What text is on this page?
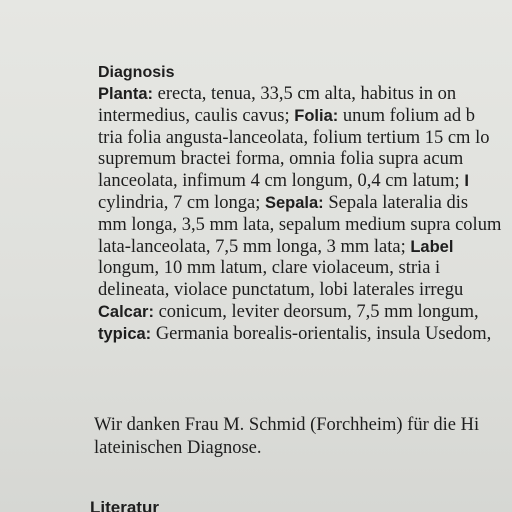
Diagnosis
Planta: erecta, tenua, 33,5 cm alta, habitus in on
intermedius, caulis cavus; Folia: unum folium ad b
tria folia angusta-lanceolata, folium tertium 15 cm lo
supremum bractei forma, omnia folia supra acum
lanceolata, infimum 4 cm longum, 0,4 cm latum; I
cylindria, 7 cm longa; Sepala: Sepala lateralia dis
mm longa, 3,5 mm lata, sepalum medium supra colum
lata-lanceolata, 7,5 mm longa, 3 mm lata; Label
longum, 10 mm latum, clare violaceum, stria i
delineata, violace punctatum, lobi laterales irregu
Calcar: conicum, leviter deorsum, 7,5 mm longum,
typica: Germania borealis-orientalis, insula Usedom,
Wir danken Frau M. Schmid (Forchheim) für die Hi
lateinischen Diagnose.
Literatur
